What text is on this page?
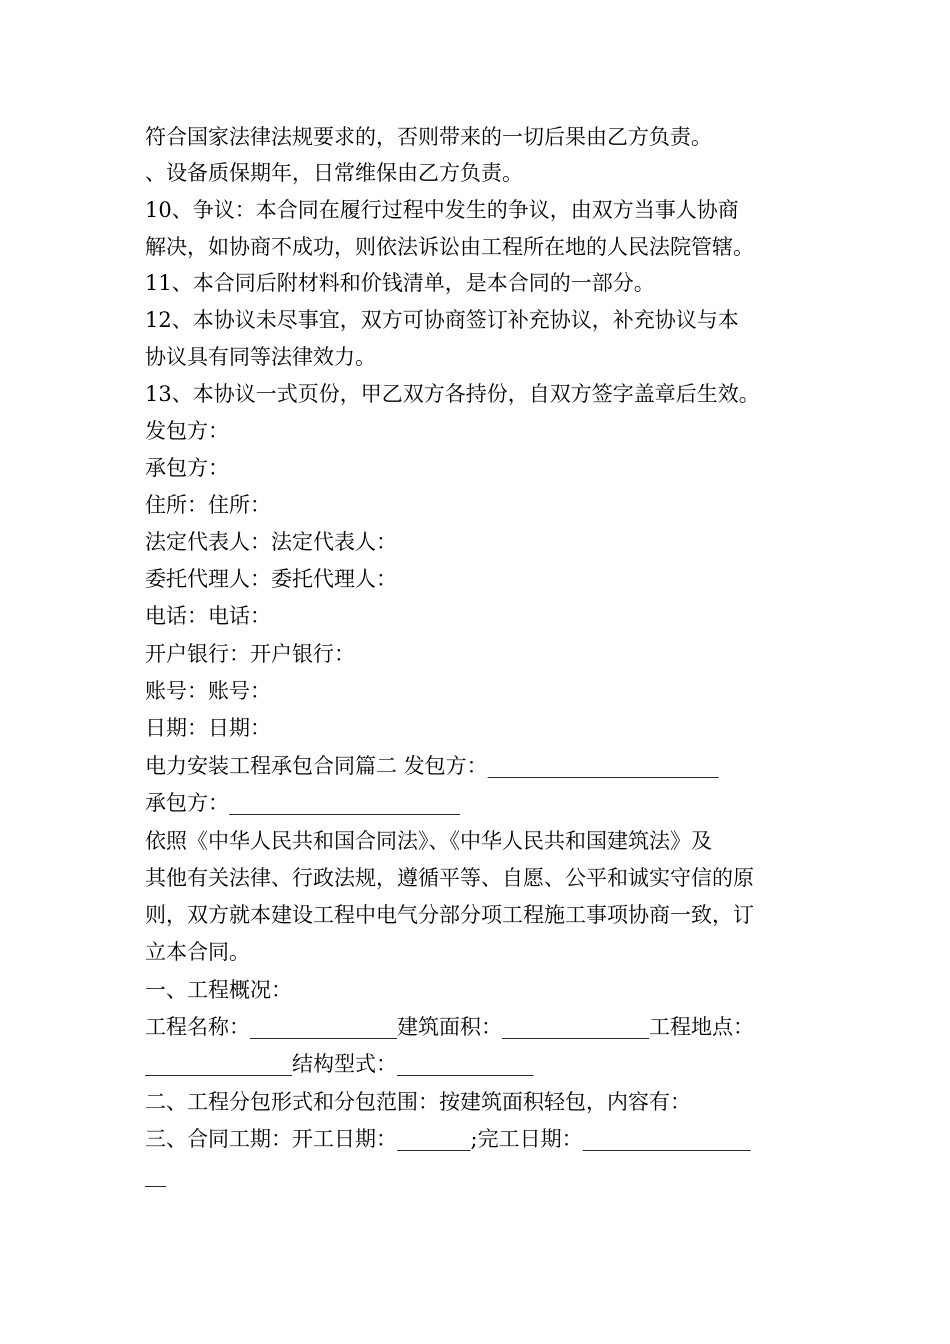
符合国家法律法规要求的，否则带来的一切后果由乙方负责。
、设备质保期年，日常维保由乙方负责。
10、争议：本合同在履行过程中发生的争议，由双方当事人协商
解决，如协商不成功，则依法诉讼由工程所在地的人民法院管辖。
11、本合同后附材料和价钱清单，是本合同的一部分。
12、本协议未尽事宜，双方可协商签订补充协议，补充协议与本
协议具有同等法律效力。
13、本协议一式页份，甲乙双方各持份，自双方签字盖章后生效。
发包方：
承包方：
住所：住所：
法定代表人：法定代表人：
委托代理人：委托代理人：
电话：电话：
开户银行：开户银行：
账号：账号：
日期：日期：
电力安装工程承包合同篇二 发包方：______________________
承包方：______________________
依照《中华人民共和国合同法》、《中华人民共和国建筑法》及
其他有关法律、行政法规，遵循平等、自愿、公平和诚实守信的原
则，双方就本建设工程中电气分部分项工程施工事项协商一致，订
立本合同。
一、工程概况：
工程名称：______________建筑面积：______________工程地点：
______________结构型式：_____________
二、工程分包形式和分包范围：按建筑面积轻包，内容有：
三、合同工期：开工日期：_______;完工日期：________________
__
